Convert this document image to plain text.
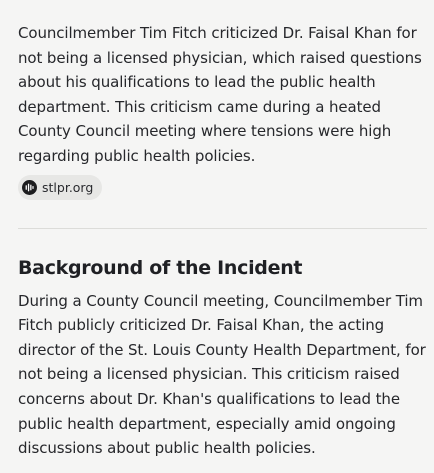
Councilmember Tim Fitch criticized Dr. Faisal Khan for not being a licensed physician, which raised questions about his qualifications to lead the public health department. This criticism came during a heated County Council meeting where tensions were high regarding public health policies.

stlpr.org
Background of the Incident

During a County Council meeting, Councilmember Tim Fitch publicly criticized Dr. Faisal Khan, the acting director of the St. Louis County Health Department, for not being a licensed physician. This criticism raised concerns about Dr. Khan's qualifications to lead the public health department, especially amid ongoing discussions about public health policies.
